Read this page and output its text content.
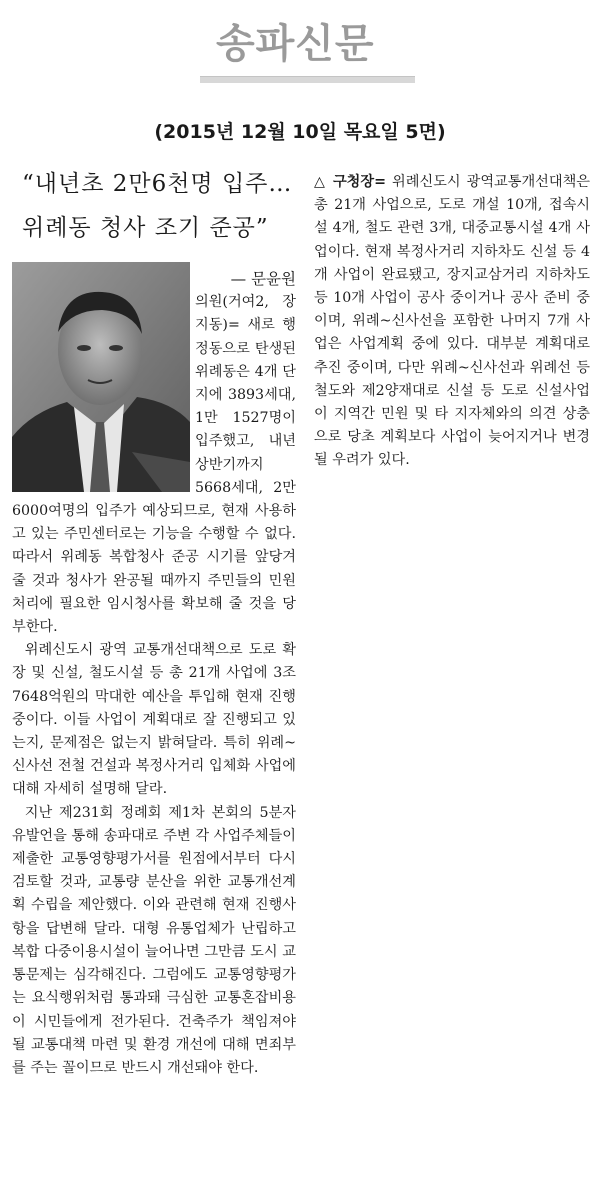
송파신문
(2015년 12월 10일 목요일 5면)
“내년초 2만6천명 입주…
위례동 청사 조기 준공”
— 문윤원

의원(거여2, 장지동)= 새로 행정동으로 탄생된 위례동은 4개 단지에 3893세대, 1만 1527명이 입주했고, 내년 상반기까지 5668세대, 2만6000여명의 입주가 예상되므로, 현재 사용하고 있는 주민센터로는 기능을 수행할 수 없다. 따라서 위례동 복합청사 준공 시기를 앞당겨 줄 것과 청사가 완공될 때까지 주민들의 민원처리에 필요한 임시청사를 확보해 줄 것을 당부한다.

위례신도시 광역 교통개선대책으로 도로 확장 및 신설, 철도시설 등 총 21개 사업에 3조7648억원의 막대한 예산을 투입해 현재 진행 중이다. 이들 사업이 계획대로 잘 진행되고 있는지, 문제점은 없는지 밝혀달라. 특히 위례~신사선 전철 건설과 복정사거리 입체화 사업에 대해 자세히 설명해 달라.

지난 제231회 정례회 제1차 본회의 5분자유발언을 통해 송파대로 주변 각 사업주체들이 제출한 교통영향평가서를 원점에서부터 다시 검토할 것과, 교통량 분산을 위한 교통개선계획 수립을 제안했다. 이와 관련해 현재 진행사항을 답변해 달라. 대형 유통업체가 난립하고 복합 다중이용시설이 늘어나면 그만큼 도시 교통문제는 심각해진다. 그럼에도 교통영향평가는 요식행위처럼 통과돼 극심한 교통혼잡비용이 시민들에게 전가된다. 건축주가 책임져야 될 교통대책 마련 및 환경 개선에 대해 면죄부를 주는 꼴이므로 반드시 개선돼야 한다.

△ 구청장= 위례신도시 광역교통개선대책은 총 21개 사업으로, 도로 개설 10개, 접속시설 4개, 철도 관련 3개, 대중교통시설 4개 사업이다. 현재 복정사거리 지하차도 신설 등 4개 사업이 완료됐고, 장지교삼거리 지하차도 등 10개 사업이 공사 중이거나 공사 준비 중이며, 위례~신사선을 포함한 나머지 7개 사업은 사업계획 중에 있다. 대부분 계획대로 추진 중이며, 다만 위례~신사선과 위례선 등 철도와 제2양재대로 신설 등 도로 신설사업이 지역간 민원 및 타 지자체와의 의견 상충으로 당초 계획보다 사업이 늦어지거나 변경될 우려가 있다.
